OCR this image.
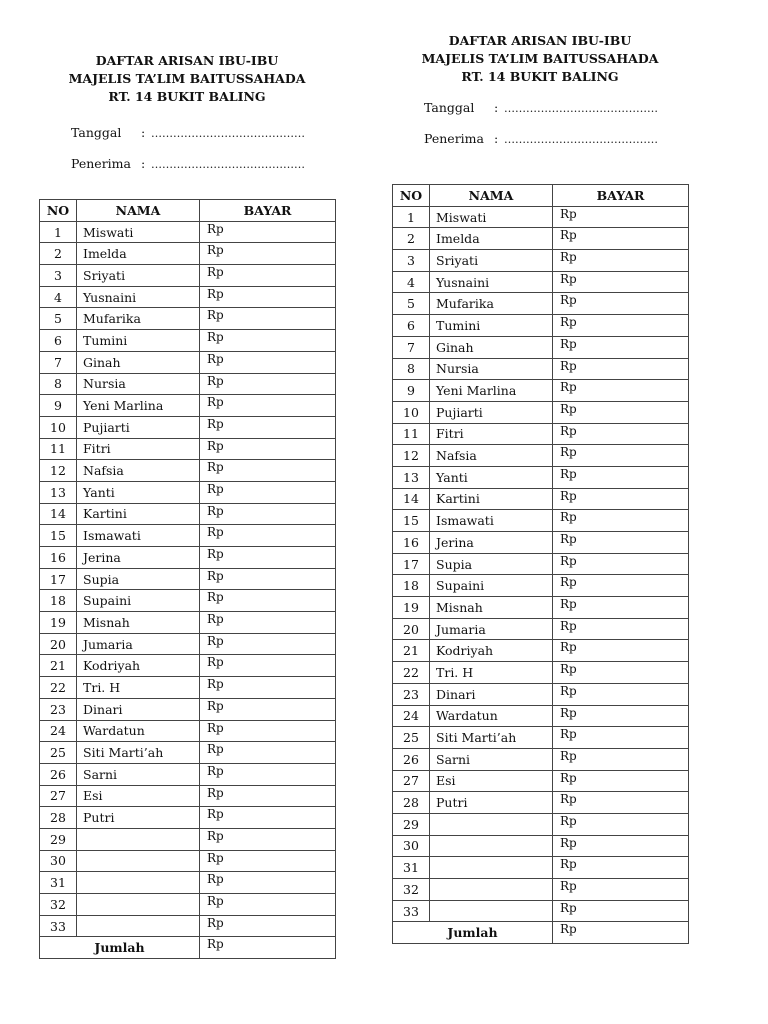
DAFTAR ARISAN IBU-IBU
MAJELIS TA’LIM BAITUSSAHADA
RT. 14 BUKIT BALING
Tanggal	: ……………………………………
Penerima : ……………………………………
NO	NAMA	BAYAR
1	Miswati	Rp
2	Imelda	Rp
3	Sriyati	Rp
4	Yusnaini	Rp
5	Mufarika	Rp
6	Tumini	Rp
7	Ginah	Rp
8	Nursia	Rp
9	Yeni Marlina	Rp
10	Pujiarti	Rp
11	Fitri	Rp
12	Nafsia	Rp
13	Yanti	Rp
14	Kartini	Rp
15	Ismawati	Rp
16	Jerina	Rp
17	Supia	Rp
18	Supaini	Rp
19	Misnah	Rp
20	Jumaria	Rp
21	Kodriyah	Rp
22	Tri. H	Rp
23	Dinari	Rp
24	Wardatun	Rp
25	Siti Marti’ah	Rp
26	Sarni	Rp
27	Esi	Rp
28	Putri	Rp
29		Rp
30		Rp
31		Rp
32		Rp
33		Rp
Jumlah		Rp
DAFTAR ARISAN IBU-IBU
MAJELIS TA’LIM BAITUSSAHADA
RT. 14 BUKIT BALING
Tanggal	: ……………………………………
Penerima : ……………………………………
NO	NAMA	BAYAR
1	Miswati	Rp
2	Imelda	Rp
3	Sriyati	Rp
4	Yusnaini	Rp
5	Mufarika	Rp
6	Tumini	Rp
7	Ginah	Rp
8	Nursia	Rp
9	Yeni Marlina	Rp
10	Pujiarti	Rp
11	Fitri	Rp
12	Nafsia	Rp
13	Yanti	Rp
14	Kartini	Rp
15	Ismawati	Rp
16	Jerina	Rp
17	Supia	Rp
18	Supaini	Rp
19	Misnah	Rp
20	Jumaria	Rp
21	Kodriyah	Rp
22	Tri. H	Rp
23	Dinari	Rp
24	Wardatun	Rp
25	Siti Marti’ah	Rp
26	Sarni	Rp
27	Esi	Rp
28	Putri	Rp
29		Rp
30		Rp
31		Rp
32		Rp
33		Rp
Jumlah		Rp
